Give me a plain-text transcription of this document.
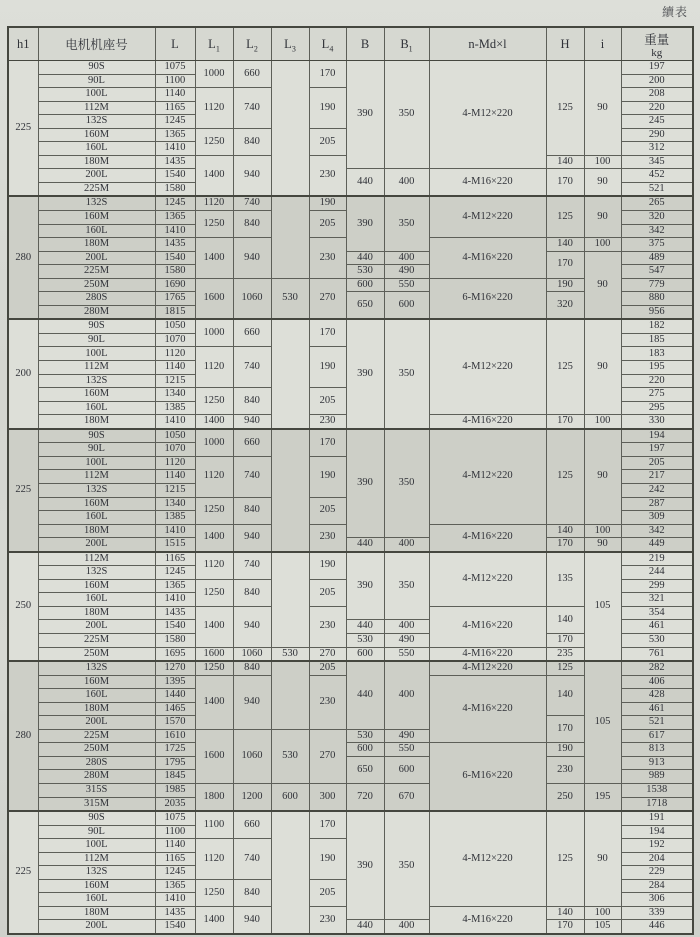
續表
h1	电机机座号	L	$L_1$	$L_2$	$L_3$	$L_4$	B	$B_1$	n-Md×l	H	i	重量
kg

225	90S	1075	1000	660		170	390	350	4-M12×220	125	90	197
	90L	1100										200
	100L	1140	1120	740		190						208
	112M	1165										220
	132S	1245										245
	160M	1365	1250	840		205						290
	160L	1410										312
	180M	1435	1400	940		230				140	100	345
	200L	1540					440	400	4-M16×220	170	90	452
	225M	1580										521
280	132S	1245	1120	740		190	390	350	4-M12×220	125	90	265
	160M	1365	1250	840		205						320
	160L	1410										342
	180M	1435	1400	940		230			4-M16×220	140	100	375
	200L	1540					440	400		170	90	489
	225M	1580					530	490				547
	250M	1690	1600	1060	530	270	600	550	6-M16×220	190		779
	280S	1765					650	600		320		880
	280M	1815										956
200	90S	1050	1000	660		170	390	350	4-M12×220	125	90	182
	90L	1070										185
	100L	1120	1120	740		190						183
	112M	1140										195
	132S	1215										220
	160M	1340	1250	840		205						275
	160L	1385										295
	180M	1410	1400	940		230			4-M16×220	170	100	330
225	90S	1050	1000	660		170	390	350	4-M12×220	125	90	194
	90L	1070										197
	100L	1120	1120	740		190						205
	112M	1140										217
	132S	1215										242
	160M	1340	1250	840		205						287
	160L	1385										309
	180M	1410	1400	940		230			4-M16×220	140	100	342
	200L	1515					440	400		170	90	449
250	112M	1165	1120	740		190	390	350	4-M12×220	135	105	219
	132S	1245										244
	160M	1365	1250	840		205						299
	160L	1410										321
	180M	1435	1400	940		230			4-M16×220	140		354
	200L	1540					440	400				461
	225M	1580					530	490		170		530
	250M	1695	1600	1060	530	270	600	550	4-M16×220	235		761
280	132S	1270	1250	840		205	440	400	4-M12×220	125	105	282
	160M	1395	1400	940		230			4-M16×220	140		406
	160L	1440										428
	180M	1465										461
	200L	1570								170		521
	225M	1610	1600	1060	530	270	530	490				617
	250M	1725					600	550	6-M16×220	190		813
	280S	1795					650	600		230		913
	280M	1845										989
	315S	1985	1800	1200	600	300	720	670		250	195	1538
	315M	2035										1718
225	90S	1075	1100	660		170	390	350	4-M12×220	125	90	191
	90L	1100										194
	100L	1140	1120	740		190						192
	112M	1165										204
	132S	1245										229
	160M	1365	1250	840		205						284
	160L	1410										306
	180M	1435	1400	940		230			4-M16×220	140	100	339
	200L	1540					440	400		170	105	446
